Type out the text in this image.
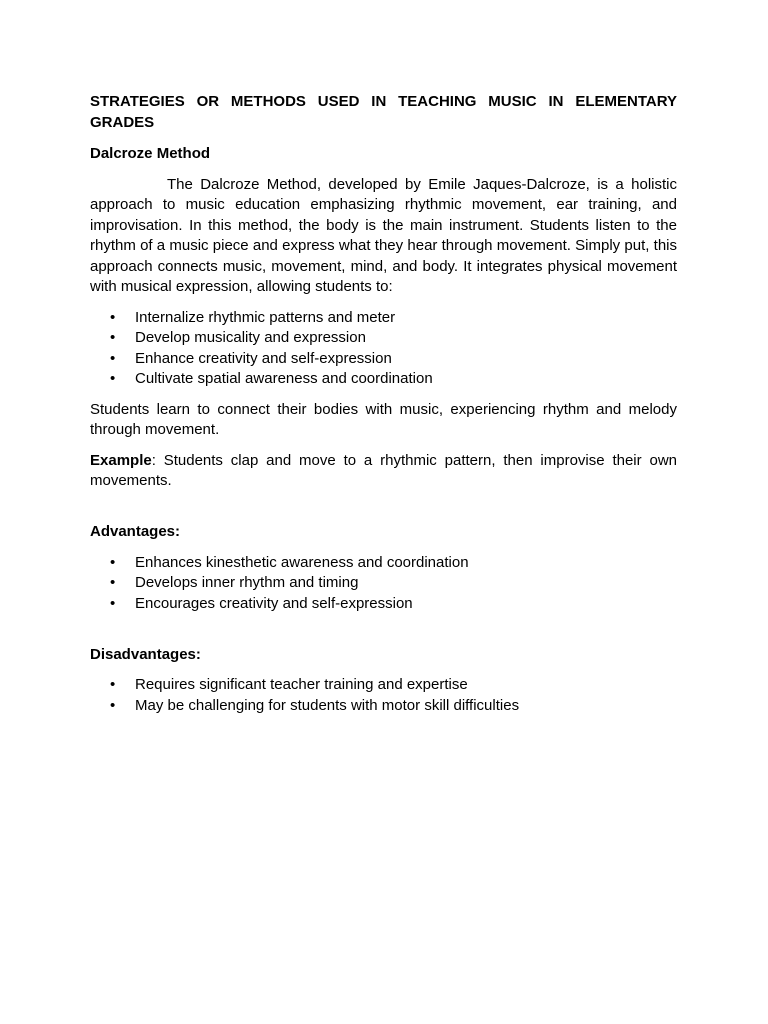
STRATEGIES OR METHODS USED IN TEACHING MUSIC IN ELEMENTARY GRADES
Dalcroze Method

The Dalcroze Method, developed by Emile Jaques-Dalcroze, is a holistic approach to music education emphasizing rhythmic movement, ear training, and improvisation. In this method, the body is the main instrument. Students listen to the rhythm of a music piece and express what they hear through movement. Simply put, this approach connects music, movement, mind, and body. It integrates physical movement with musical expression, allowing students to:

• Internalize rhythmic patterns and meter
• Develop musicality and expression
• Enhance creativity and self-expression
• Cultivate spatial awareness and coordination

Students learn to connect their bodies with music, experiencing rhythm and melody through movement.

Example: Students clap and move to a rhythmic pattern, then improvise their own movements.

Advantages:
• Enhances kinesthetic awareness and coordination
• Develops inner rhythm and timing
• Encourages creativity and self-expression
Disadvantages:
• Requires significant teacher training and expertise
• May be challenging for students with motor skill difficulties
